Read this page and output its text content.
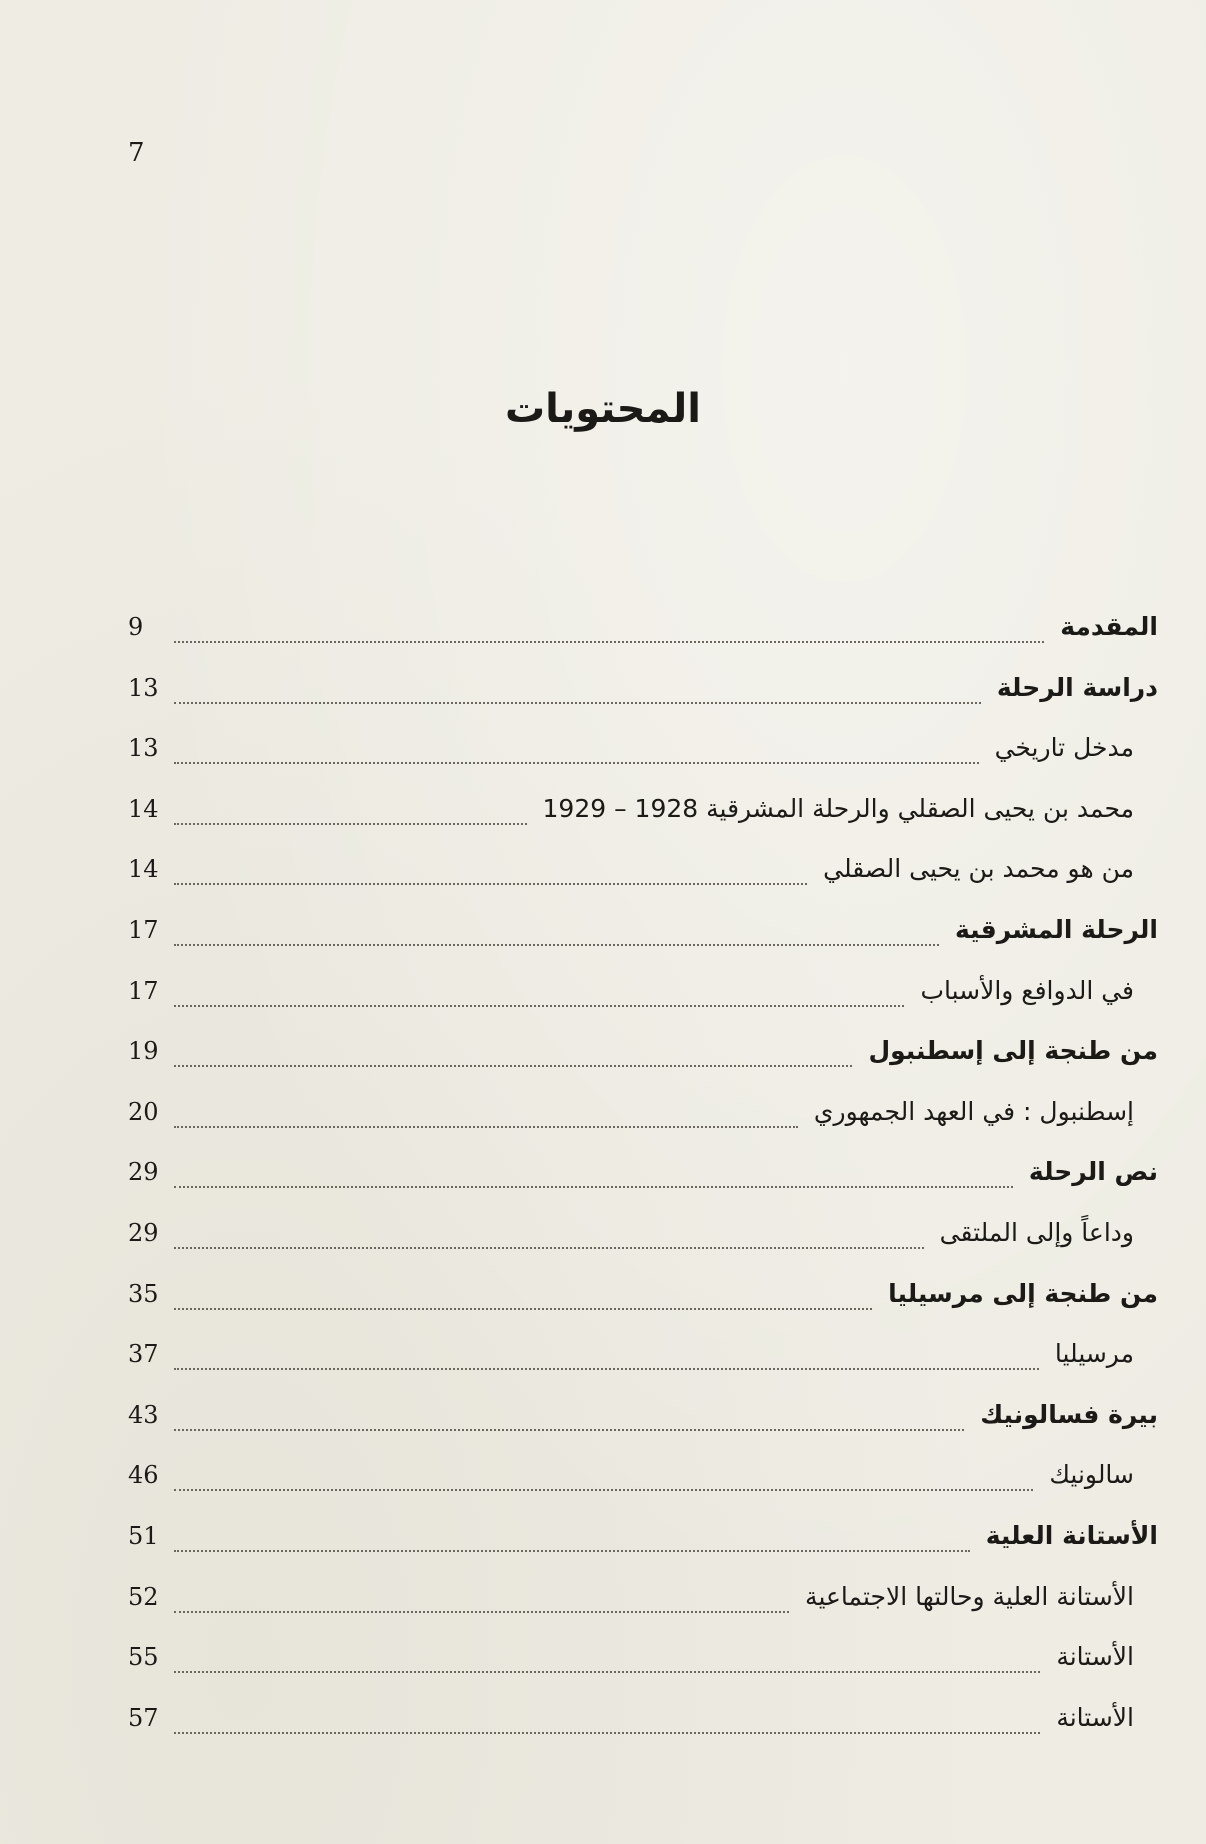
7
المحتويات
المقدمة
9
دراسة الرحلة
13
مدخل تاريخي
13
محمد بن يحيى الصقلي والرحلة المشرقية 1928 – 1929
14
من هو محمد بن يحيى الصقلي
14
الرحلة المشرقية
17
في الدوافع والأسباب
17
من طنجة إلى إسطنبول
19
إسطنبول : في العهد الجمهوري
20
نص الرحلة
29
وداعاً وإلى الملتقى
29
من طنجة إلى مرسيليا
35
مرسيليا
37
بيرة فسالونيك
43
سالونيك
46
الأستانة العلية
51
الأستانة العلية وحالتها الاجتماعية
52
الأستانة
55
الأستانة
57
